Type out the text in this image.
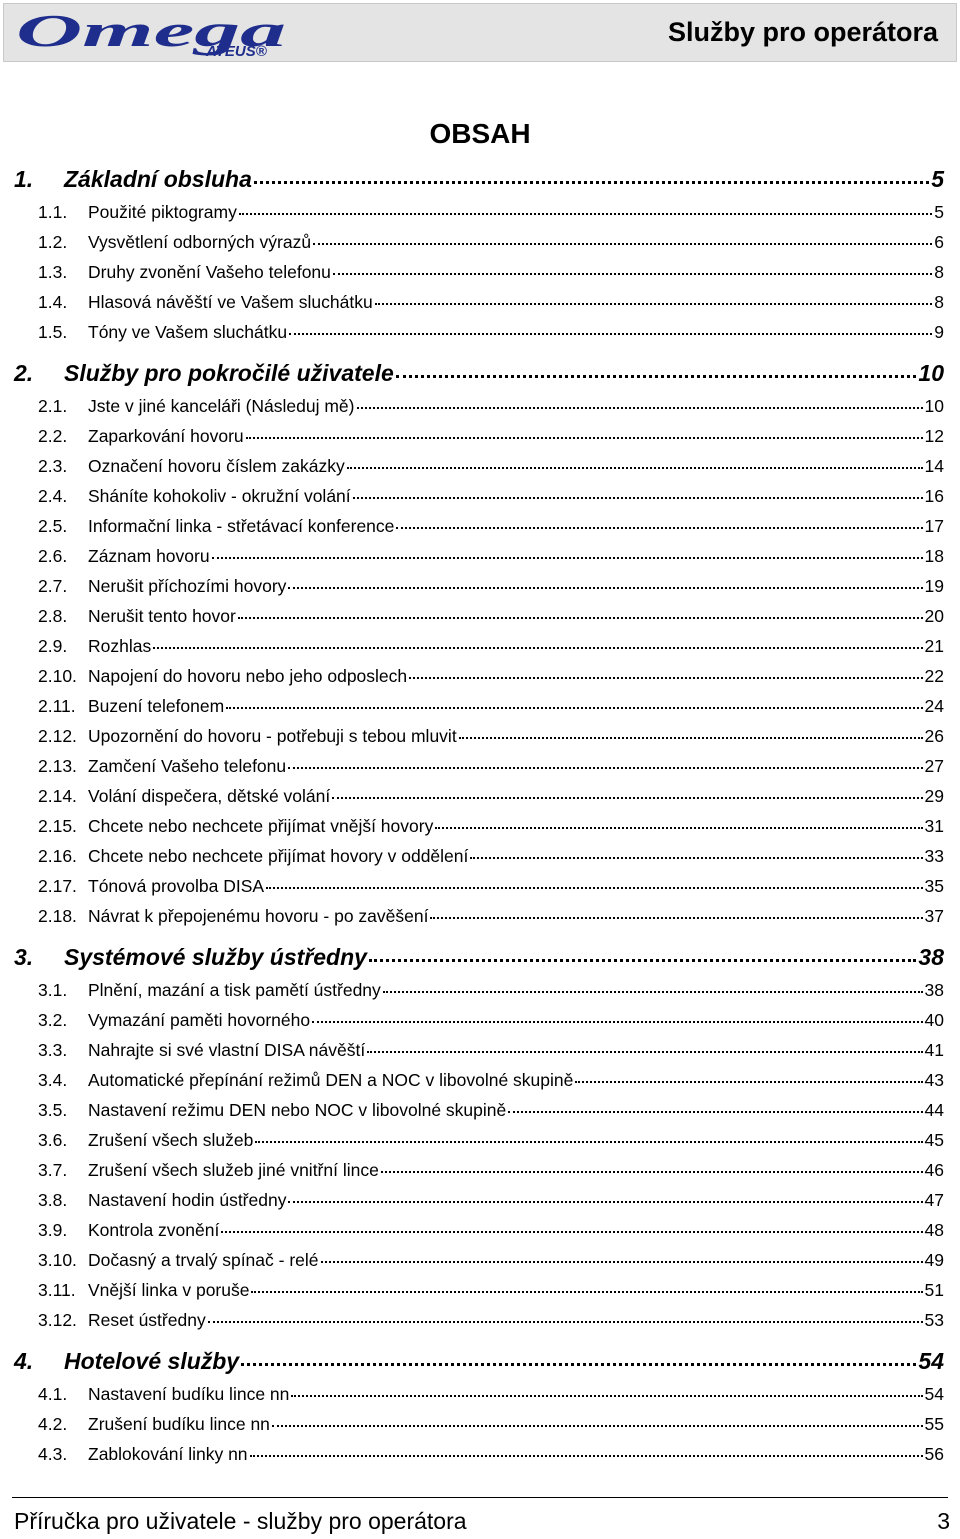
Omega
ATEUS®
Služby pro operátora
OBSAH
1.	Základní obsluha	5
1.1.	Použité piktogramy	5
1.2.	Vysvětlení odborných výrazů	6
1.3.	Druhy zvonění Vašeho telefonu	8
1.4.	Hlasová návěští ve Vašem sluchátku	8
1.5.	Tóny ve Vašem sluchátku	9
2.	Služby pro pokročilé uživatele	10
2.1.	Jste v jiné kanceláři (Následuj mě)	10
2.2.	Zaparkování hovoru	12
2.3.	Označení hovoru číslem zakázky	14
2.4.	Sháníte kohokoliv - okružní volání	16
2.5.	Informační linka - střetávací konference	17
2.6.	Záznam hovoru	18
2.7.	Nerušit příchozími hovory	19
2.8.	Nerušit tento hovor	20
2.9.	Rozhlas	21
2.10. Napojení do hovoru nebo jeho odposlech	22
2.11. Buzení telefonem	24
2.12. Upozornění do hovoru - potřebuji s tebou mluvit	26
2.13. Zamčení Vašeho telefonu	27
2.14. Volání dispečera, dětské volání	29
2.15. Chcete nebo nechcete přijímat vnější hovory	31
2.16. Chcete nebo nechcete přijímat hovory v oddělení	33
2.17. Tónová provolba DISA	35
2.18. Návrat k přepojenému hovoru - po zavěšení	37
3.	Systémové služby ústředny	38
3.1.	Plnění, mazání a tisk pamětí ústředny	38
3.2.	Vymazání paměti hovorného	40
3.3.	Nahrajte si své vlastní DISA návěští	41
3.4.	Automatické přepínání režimů DEN a NOC v libovolné skupině	43
3.5.	Nastavení režimu DEN nebo NOC v libovolné skupině	44
3.6.	Zrušení všech služeb	45
3.7.	Zrušení všech služeb jiné vnitřní lince	46
3.8.	Nastavení hodin ústředny	47
3.9.	Kontrola zvonění	48
3.10. Dočasný a trvalý spínač - relé	49
3.11. Vnější linka v poruše	51
3.12. Reset ústředny	53
4.	Hotelové služby	54
4.1.	Nastavení budíku lince nn	54
4.2.	Zrušení budíku lince nn	55
4.3.	Zablokování linky nn	56
Příručka pro uživatele - služby pro operátora	3
